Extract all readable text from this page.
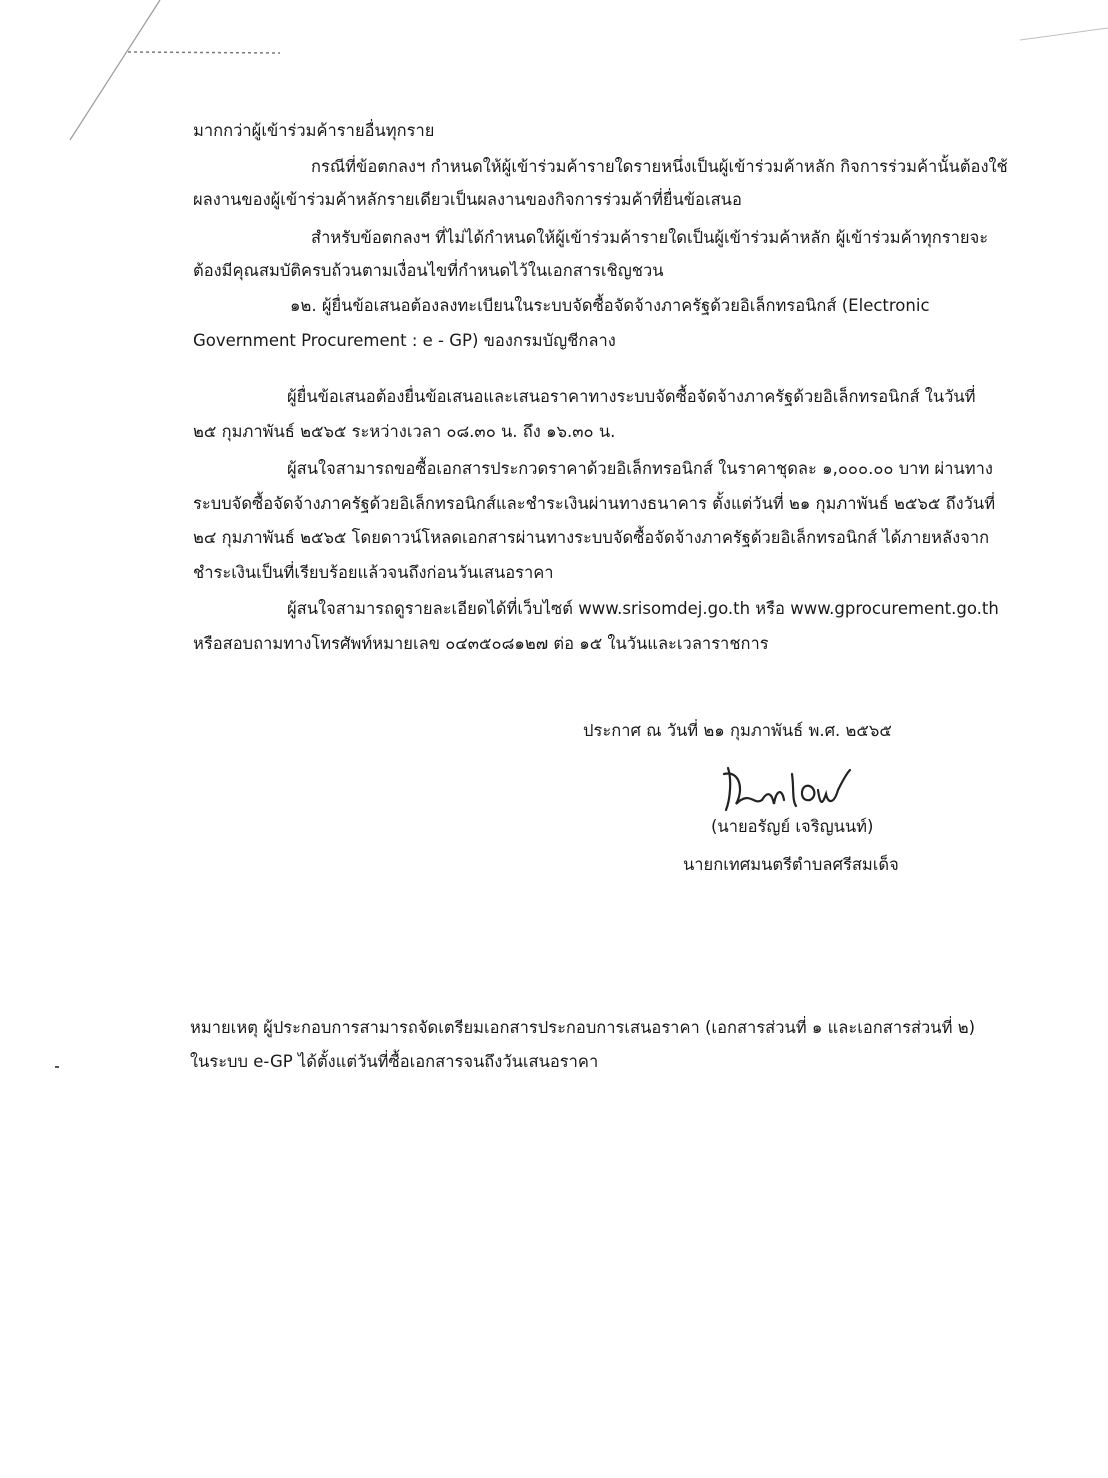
มากกว่าผู้เข้าร่วมค้ารายอื่นทุกราย
กรณีที่ข้อตกลงฯ กำหนดให้ผู้เข้าร่วมค้ารายใดรายหนึ่งเป็นผู้เข้าร่วมค้าหลัก กิจการร่วมค้านั้นต้องใช้
ผลงานของผู้เข้าร่วมค้าหลักรายเดียวเป็นผลงานของกิจการร่วมค้าที่ยื่นข้อเสนอ
สำหรับข้อตกลงฯ ที่ไม่ได้กำหนดให้ผู้เข้าร่วมค้ารายใดเป็นผู้เข้าร่วมค้าหลัก ผู้เข้าร่วมค้าทุกรายจะ
ต้องมีคุณสมบัติครบถ้วนตามเงื่อนไขที่กำหนดไว้ในเอกสารเชิญชวน
๑๒. ผู้ยื่นข้อเสนอต้องลงทะเบียนในระบบจัดซื้อจัดจ้างภาครัฐด้วยอิเล็กทรอนิกส์ (Electronic
Government Procurement : e - GP) ของกรมบัญชีกลาง
ผู้ยื่นข้อเสนอต้องยื่นข้อเสนอและเสนอราคาทางระบบจัดซื้อจัดจ้างภาครัฐด้วยอิเล็กทรอนิกส์ ในวันที่
๒๕ กุมภาพันธ์ ๒๕๖๕ ระหว่างเวลา ๐๘.๓๐ น. ถึง ๑๖.๓๐ น.
ผู้สนใจสามารถขอซื้อเอกสารประกวดราคาด้วยอิเล็กทรอนิกส์ ในราคาชุดละ ๑,๐๐๐.๐๐ บาท ผ่านทาง
ระบบจัดซื้อจัดจ้างภาครัฐด้วยอิเล็กทรอนิกส์และชำระเงินผ่านทางธนาคาร ตั้งแต่วันที่ ๒๑ กุมภาพันธ์ ๒๕๖๕ ถึงวันที่
๒๔ กุมภาพันธ์ ๒๕๖๕ โดยดาวน์โหลดเอกสารผ่านทางระบบจัดซื้อจัดจ้างภาครัฐด้วยอิเล็กทรอนิกส์ ได้ภายหลังจาก
ชำระเงินเป็นที่เรียบร้อยแล้วจนถึงก่อนวันเสนอราคา
ผู้สนใจสามารถดูรายละเอียดได้ที่เว็บไซต์ www.srisomdej.go.th หรือ www.gprocurement.go.th
หรือสอบถามทางโทรศัพท์หมายเลข ๐๔๓๕๐๘๑๒๗ ต่อ ๑๕ ในวันและเวลาราชการ
ประกาศ ณ วันที่ ๒๑ กุมภาพันธ์ พ.ศ. ๒๕๖๕
(นายอรัญย์ เจริญนนท์)
นายกเทศมนตรีตำบลศรีสมเด็จ
หมายเหตุ ผู้ประกอบการสามารถจัดเตรียมเอกสารประกอบการเสนอราคา (เอกสารส่วนที่ ๑ และเอกสารส่วนที่ ๒)
ในระบบ e-GP ได้ตั้งแต่วันที่ซื้อเอกสารจนถึงวันเสนอราคา
